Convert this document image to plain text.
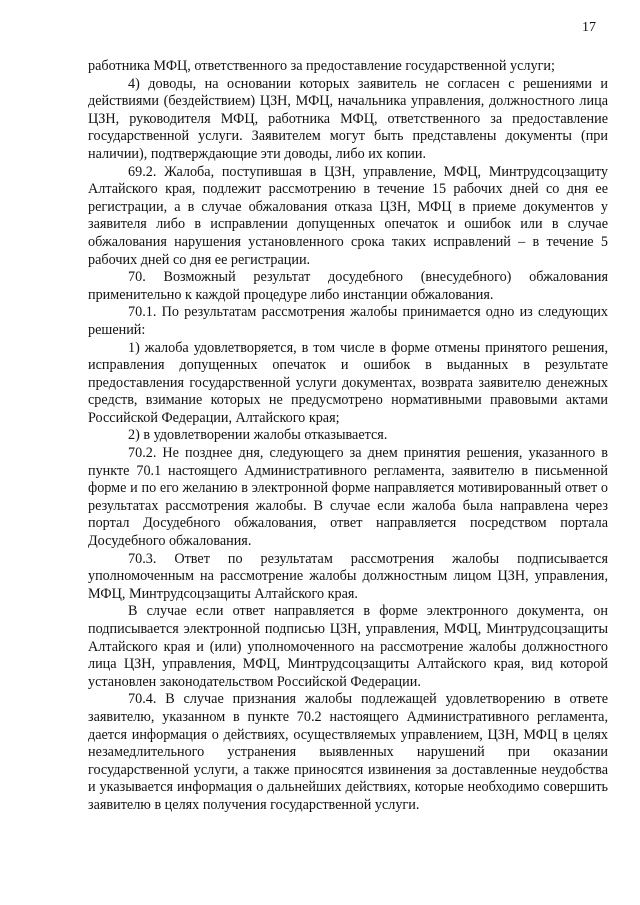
17

работника МФЦ, ответственного за предоставление государственной услуги;

4) доводы, на основании которых заявитель не согласен с решениями и действиями (бездействием) ЦЗН, МФЦ, начальника управления, должностного лица ЦЗН, руководителя МФЦ, работника МФЦ, ответственного за предоставление государственной услуги. Заявителем могут быть представлены документы (при наличии), подтверждающие эти доводы, либо их копии.

69.2. Жалоба, поступившая в ЦЗН, управление, МФЦ, Минтрудсоцзащиту Алтайского края, подлежит рассмотрению в течение 15 рабочих дней со дня ее регистрации, а в случае обжалования отказа ЦЗН, МФЦ в приеме документов у заявителя либо в исправлении допущенных опечаток и ошибок или в случае обжалования нарушения установленного срока таких исправлений – в течение 5 рабочих дней со дня ее регистрации.

70. Возможный результат досудебного (внесудебного) обжалования применительно к каждой процедуре либо инстанции обжалования.

70.1. По результатам рассмотрения жалобы принимается одно из следующих решений:

1) жалоба удовлетворяется, в том числе в форме отмены принятого решения, исправления допущенных опечаток и ошибок в выданных в результате предоставления государственной услуги документах, возврата заявителю денежных средств, взимание которых не предусмотрено нормативными правовыми актами Российской Федерации, Алтайского края;

2) в удовлетворении жалобы отказывается.

70.2. Не позднее дня, следующего за днем принятия решения, указанного в пункте 70.1 настоящего Административного регламента, заявителю в письменной форме и по его желанию в электронной форме направляется мотивированный ответ о результатах рассмотрения жалобы. В случае если жалоба была направлена через портал Досудебного обжалования, ответ направляется посредством портала Досудебного обжалования.

70.3. Ответ по результатам рассмотрения жалобы подписывается уполномоченным на рассмотрение жалобы должностным лицом ЦЗН, управления, МФЦ, Минтрудсоцзащиты Алтайского края.

В случае если ответ направляется в форме электронного документа, он подписывается электронной подписью ЦЗН, управления, МФЦ, Минтрудсоцзащиты Алтайского края и (или) уполномоченного на рассмотрение жалобы должностного лица ЦЗН, управления, МФЦ, Минтрудсоцзащиты Алтайского края, вид которой установлен законодательством Российской Федерации.

70.4. В случае признания жалобы подлежащей удовлетворению в ответе заявителю, указанном в пункте 70.2 настоящего Административного регламента, дается информация о действиях, осуществляемых управлением, ЦЗН, МФЦ в целях незамедлительного устранения выявленных нарушений при оказании государственной услуги, а также приносятся извинения за доставленные неудобства и указывается информация о дальнейших действиях, которые необходимо совершить заявителю в целях получения государственной услуги.
